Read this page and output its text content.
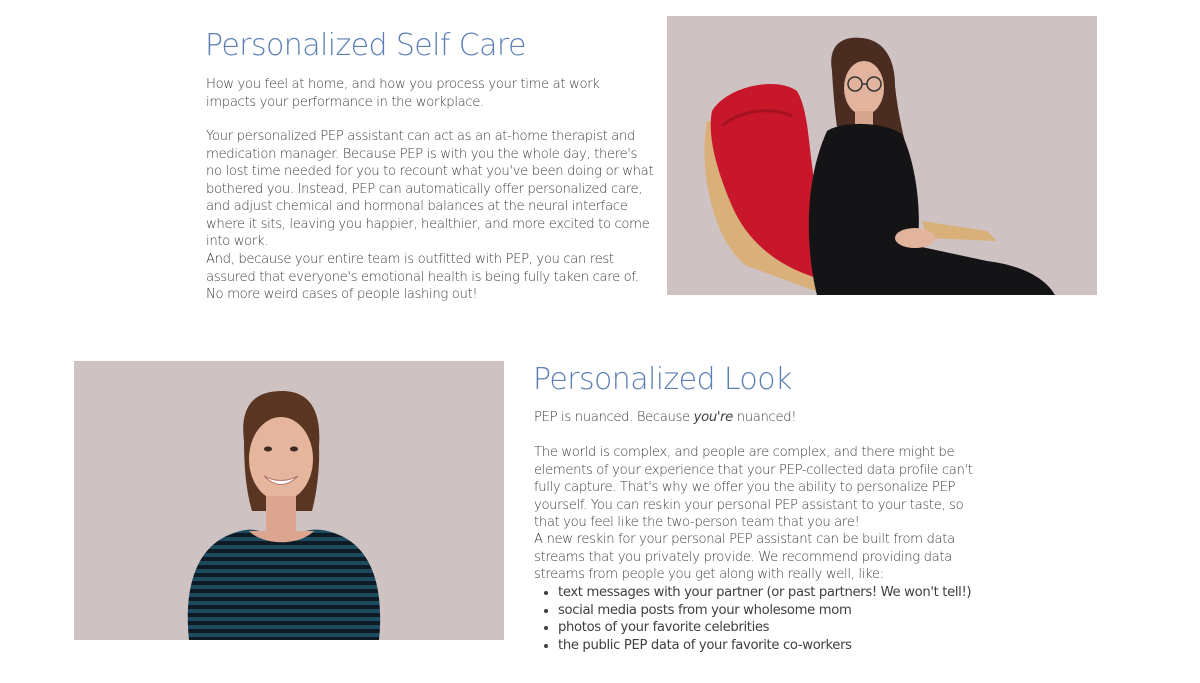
Personalized Self Care

How you feel at home, and how you process your time at work impacts your performance in the workplace.

Your personalized PEP assistant can act as an at-home therapist and medication manager. Because PEP is with you the whole day, there's no lost time needed for you to recount what you've been doing or what bothered you. Instead, PEP can automatically offer personalized care, and adjust chemical and hormonal balances at the neural interface where it sits, leaving you happier, healthier, and more excited to come into work.

And, because your entire team is outfitted with PEP, you can rest assured that everyone's emotional health is being fully taken care of. No more weird cases of people lashing out!

Personalized Look

PEP is nuanced. Because you're nuanced!

The world is complex, and people are complex, and there might be elements of your experience that your PEP-collected data profile can't fully capture. That's why we offer you the ability to personalize PEP yourself. You can reskin your personal PEP assistant to your taste, so that you feel like the two-person team that you are!

A new reskin for your personal PEP assistant can be built from data streams that you privately provide. We recommend providing data streams from people you get along with really well, like:

• text messages with your partner (or past partners! We won't tell!)
• social media posts from your wholesome mom
• photos of your favorite celebrities
• the public PEP data of your favorite co-workers
